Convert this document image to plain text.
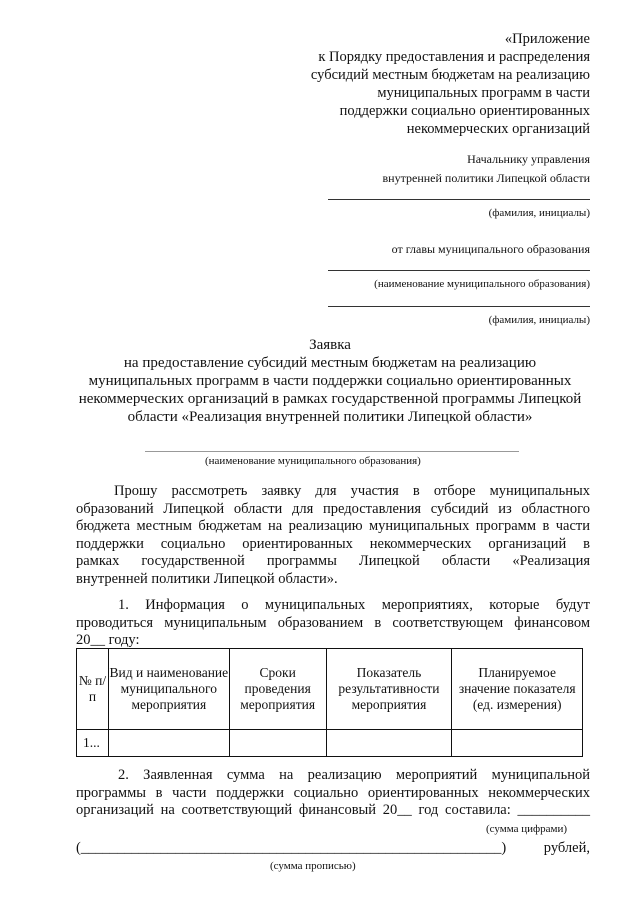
«Приложение
к Порядку предоставления и распределения
субсидий местным бюджетам на реализацию
муниципальных программ в части
поддержки социально ориентированных
некоммерческих организаций
Начальнику управления
внутренней политики Липецкой области
(фамилия, инициалы)
от главы муниципального образования
(наименование муниципального образования)
(фамилия, инициалы)
Заявка
на предоставление субсидий местным бюджетам на реализацию
муниципальных программ в части поддержки социально ориентированных
некоммерческих организаций в рамках государственной программы Липецкой
области «Реализация внутренней политики Липецкой области»
(наименование муниципального образования)
Прошу рассмотреть заявку для участия в отборе муниципальных
образований Липецкой области для предоставления субсидий из областного
бюджета местным бюджетам на реализацию муниципальных программ в части
поддержки социально ориентированных некоммерческих организаций в
рамках государственной программы Липецкой области «Реализация
внутренней политики Липецкой области».
1. Информация о муниципальных мероприятиях, которые будут
проводиться муниципальным образованием в соответствующем финансовом
20__ году:
№ п/п	Вид и наименование муниципального мероприятия	Сроки проведения мероприятия	Показатель результативности мероприятия	Планируемое значение показателя (ед. измерения)
1...				
2. Заявленная сумма на реализацию мероприятий муниципальной
программы в части поддержки социально ориентированных некоммерческих
организаций на соответствующий финансовый 20__ год составила: __________
(сумма цифрами)
(__________________________________________________________) рублей,
(сумма прописью)
